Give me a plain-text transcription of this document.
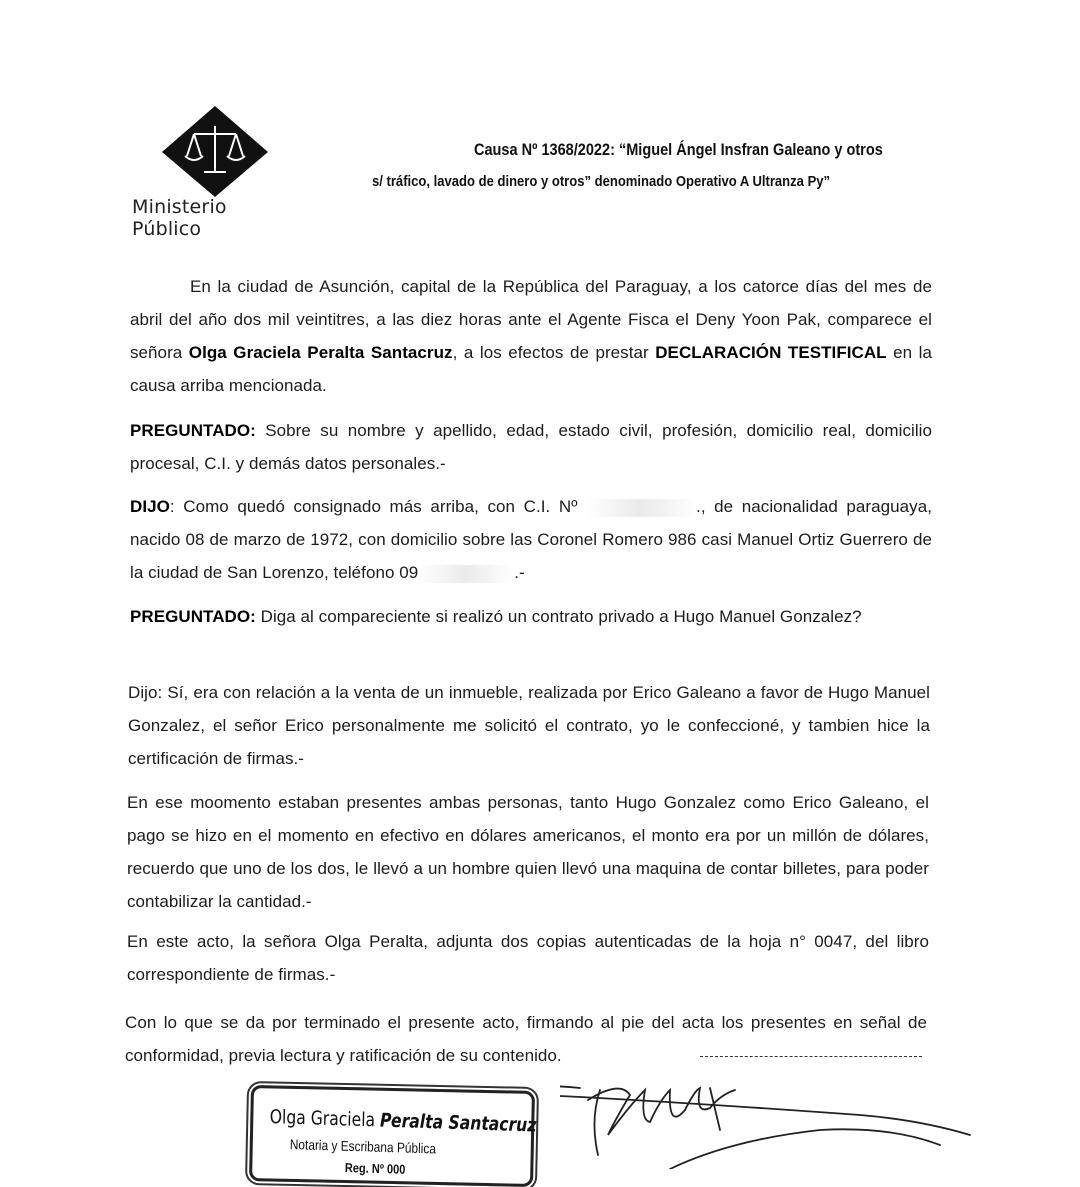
Ministerio Público
Causa Nº 1368/2022: “Miguel Ángel Insfran Galeano y otros
s/ tráfico, lavado de dinero y otros” denominado Operativo A Ultranza Py”
En la ciudad de Asunción, capital de la República del Paraguay, a los catorce días del mes de abril del año dos mil veintitres, a las diez horas ante el Agente Fisca el Deny Yoon Pak, comparece el señora Olga Graciela Peralta Santacruz, a los efectos de prestar DECLARACIÓN TESTIFICAL en la causa arriba mencionada.
PREGUNTADO: Sobre su nombre y apellido, edad, estado civil, profesión, domicilio real, domicilio procesal, C.I. y demás datos personales.-
DIJO: Como quedó consignado más arriba, con C.I. Nº	., de nacionalidad paraguaya, nacido 08 de marzo de 1972, con domicilio sobre las Coronel Romero 986 casi Manuel Ortiz Guerrero de la ciudad de San Lorenzo, teléfono 09	.-
PREGUNTADO: Diga al compareciente si realizó un contrato privado a Hugo Manuel Gonzalez?
Dijo: Sí, era con relación a la venta de un inmueble, realizada por Erico Galeano a favor de Hugo Manuel Gonzalez, el señor Erico personalmente me solicitó el contrato, yo le confeccioné, y tambien hice la certificación de firmas.-
En ese moomento estaban presentes ambas personas, tanto Hugo Gonzalez como Erico Galeano, el pago se hizo en el momento en efectivo en dólares americanos, el monto era por un millón de dólares, recuerdo que uno de los dos, le llevó a un hombre quien llevó una maquina de contar billetes, para poder contabilizar la cantidad.-
En este acto, la señora Olga Peralta, adjunta dos copias autenticadas de la hoja n° 0047, del libro correspondiente de firmas.-
Con lo que se da por terminado el presente acto, firmando al pie del acta los presentes en señal de conformidad, previa lectura y ratificación de su contenido.
Olga Graciela Peralta Santacruz
Notaria y Escribana Pública
Reg. Nº 000
